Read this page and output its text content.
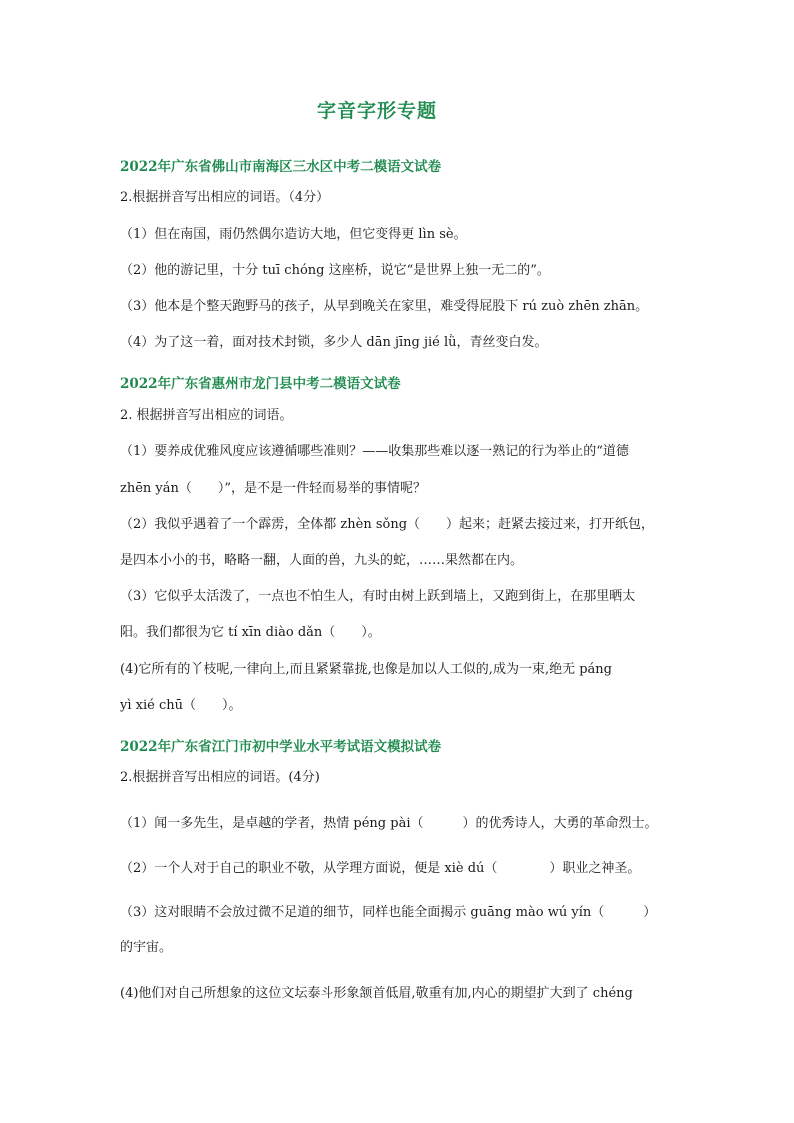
字音字形专题
2022年广东省佛山市南海区三水区中考二模语文试卷
2.根据拼音写出相应的词语。（4分）
（1）但在南国，雨仍然偶尔造访大地，但它变得更 lìn sè。
（2）他的游记里，十分 tuī chóng 这座桥，说它“是世界上独一无二的”。
（3）他本是个整天跑野马的孩子，从早到晚关在家里，难受得屁股下 rú zuò zhēn zhān。
（4）为了这一着，面对技术封锁，多少人 dān jīng jié lǜ，青丝变白发。
2022年广东省惠州市龙门县中考二模语文试卷
2. 根据拼音写出相应的词语。
（1）要养成优雅风度应该遵循哪些准则？——收集那些难以逐一熟记的行为举止的“道德
zhēn yán（　　）”，是不是一件轻而易举的事情呢？
（2）我似乎遇着了一个霹雳，全体都 zhèn sǒng（　　）起来；赶紧去接过来，打开纸包，
是四本小小的书，略略一翻，人面的兽，九头的蛇，……果然都在内。
（3）它似乎太活泼了，一点也不怕生人，有时由树上跃到墙上，又跑到街上，在那里晒太
阳。我们都很为它 tí xīn diào dǎn（　　）。
(4)它所有的丫枝呢,一律向上,而且紧紧靠拢,也像是加以人工似的,成为一束,绝无 páng
yì xié chū（　　）。
2022年广东省江门市初中学业水平考试语文模拟试卷
2.根据拼音写出相应的词语。(4分)
（1）闻一多先生，是卓越的学者，热情 péng pài（　　　）的优秀诗人，大勇的革命烈士。
（2）一个人对于自己的职业不敬，从学理方面说，便是 xiè dú（　　　　）职业之神圣。
（3）这对眼睛不会放过微不足道的细节，同样也能全面揭示 guāng mào wú yín（　　　）
的宇宙。
(4)他们对自己所想象的这位文坛泰斗形象颔首低眉,敬重有加,内心的期望扩大到了 chéng
